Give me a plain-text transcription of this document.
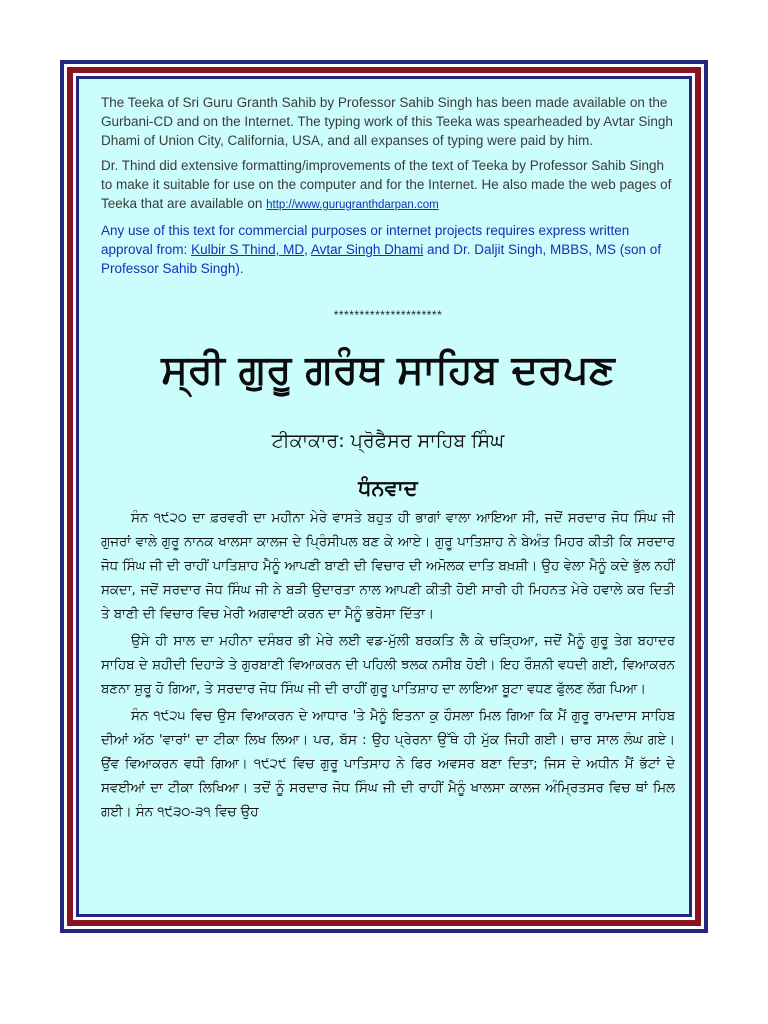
The Teeka of Sri Guru Granth Sahib by Professor Sahib Singh has been made available on the Gurbani-CD and on the Internet. The typing work of this Teeka was spearheaded by Avtar Singh Dhami of Union City, California, USA, and all expanses of typing were paid by him.

Dr. Thind did extensive formatting/improvements of the text of Teeka by Professor Sahib Singh to make it suitable for use on the computer and for the Internet. He also made the web pages of Teeka that are available on http://www.gurugranthdarpan.com

Any use of this text for commercial purposes or internet projects requires express written approval from: Kulbir S Thind, MD, Avtar Singh Dhami and Dr. Daljit Singh, MBBS, MS (son of Professor Sahib Singh).

*********************
ਸ੍ਰੀ ਗੁਰੂ ਗਰੰਥ ਸਾਹਿਬ ਦਰਪਣ
ਟੀਕਾਕਾਰ: ਪ੍ਰੋਫੈਸਰ ਸਾਹਿਬ ਸਿੰਘ
ਧੰਨਵਾਦ

ਸੰਨ ੧੯੨੦ ਦਾ ਫ਼ਰਵਰੀ ਦਾ ਮਹੀਨਾ ਮੇਰੇ ਵਾਸਤੇ ਬਹੁਤ ਹੀ ਭਾਗਾਂ ਵਾਲਾ ਆਇਆ ਸੀ, ਜਦੋਂ ਸਰਦਾਰ ਜੋਧ ਸਿੰਘ ਜੀ ਗੁਜਰਾਂ ਵਾਲੇ ਗੁਰੂ ਨਾਨਕ ਖਾਲਸਾ ਕਾਲਜ ਦੇ ਪ੍ਰਿੰਸੀਪਲ ਬਣ ਕੇ ਆਏ। ਗੁਰੂ ਪਾਤਿਸ਼ਾਹ ਨੇ ਬੇਅੰਤ ਮਿਹਰ ਕੀਤੀ ਕਿ ਸਰਦਾਰ ਜੋਧ ਸਿੰਘ ਜੀ ਦੀ ਰਾਹੀਂ ਪਾਤਿਸ਼ਾਹ ਮੈਨੂੰ ਆਪਣੀ ਬਾਣੀ ਦੀ ਵਿਚਾਰ ਦੀ ਅਮੋਲਕ ਦਾਤਿ ਬਖ਼ਸ਼ੀ। ਉਹ ਵੇਲਾ ਮੈਨੂੰ ਕਦੇ ਭੁੱਲ ਨਹੀਂ ਸਕਦਾ, ਜਦੋਂ ਸਰਦਾਰ ਜੋਧ ਸਿੰਘ ਜੀ ਨੇ ਬੜੀ ਉਦਾਰਤਾ ਨਾਲ ਆਪਣੀ ਕੀਤੀ ਹੋਈ ਸਾਰੀ ਹੀ ਮਿਹਨਤ ਮੇਰੇ ਹਵਾਲੇ ਕਰ ਦਿਤੀ ਤੇ ਬਾਣੀ ਦੀ ਵਿਚਾਰ ਵਿਚ ਮੇਰੀ ਅਗਵਾਈ ਕਰਨ ਦਾ ਮੈਨੂੰ ਭਰੋਸਾ ਦਿੱਤਾ।

ਉਸੇ ਹੀ ਸਾਲ ਦਾ ਮਹੀਨਾ ਦਸੰਬਰ ਭੀ ਮੇਰੇ ਲਈ ਵਡ-ਮੁੱਲੀ ਬਰਕਤਿ ਲੈ ਕੇ ਚੜ੍ਹਿਆ, ਜਦੋਂ ਮੈਨੂੰ ਗੁਰੂ ਤੇਗ ਬਹਾਦਰ ਸਾਹਿਬ ਦੇ ਸ਼ਹੀਦੀ ਦਿਹਾੜੇ ਤੇ ਗੁਰਬਾਣੀ ਵਿਆਕਰਨ ਦੀ ਪਹਿਲੀ ਝਲਕ ਨਸੀਬ ਹੋਈ। ਇਹ ਰੌਸ਼ਨੀ ਵਧਦੀ ਗਈ, ਵਿਆਕਰਨ ਬਣਨਾ ਸ਼ੁਰੂ ਹੋ ਗਿਆ, ਤੇ ਸਰਦਾਰ ਜੋਧ ਸਿੰਘ ਜੀ ਦੀ ਰਾਹੀਂ ਗੁਰੂ ਪਾਤਿਸ਼ਾਹ ਦਾ ਲਾਇਆ ਬੂਟਾ ਵਧਣ ਫੁੱਲਣ ਲੱਗ ਪਿਆ।

ਸੰਨ ੧੯੨੫ ਵਿਚ ਉਸ ਵਿਆਕਰਨ ਦੇ ਆਧਾਰ 'ਤੇ ਮੈਨੂੰ ਇਤਨਾ ਕੁ ਹੌਸਲਾ ਮਿਲ ਗਿਆ ਕਿ ਮੈਂ ਗੁਰੂ ਰਾਮਦਾਸ ਸਾਹਿਬ ਦੀਆਂ ਅੱਠ 'ਵਾਰਾਂ' ਦਾ ਟੀਕਾ ਲਿਖ ਲਿਆ। ਪਰ, ਬੱਸ : ਉਹ ਪ੍ਰੇਰਨਾ ਉੱਥੇ ਹੀ ਮੁੱਕ ਜਿਹੀ ਗਈ। ਚਾਰ ਸਾਲ ਲੰਘ ਗਏ। ਉਂਵ ਵਿਆਕਰਨ ਵਧੀ ਗਿਆ। ੧੯੨੯ ਵਿਚ ਗੁਰੂ ਪਾਤਿਸਾਹ ਨੇ ਫਿਰ ਅਵਸਰ ਬਣਾ ਦਿਤਾ; ਜਿਸ ਦੇ ਅਧੀਨ ਮੈਂ ਭੱਟਾਂ ਦੇ ਸਵਈਆਂ ਦਾ ਟੀਕਾ ਲਿਖਿਆ। ਤਦੋਂ ਨੂੰ ਸਰਦਾਰ ਜੋਧ ਸਿੰਘ ਜੀ ਦੀ ਰਾਹੀਂ ਮੈਨੂੰ ਖਾਲਸਾ ਕਾਲਜ ਅੰਮ੍ਰਿਤਸਰ ਵਿਚ ਥਾਂ ਮਿਲ ਗਈ। ਸੰਨ ੧੯੩੦-੩੧ ਵਿਚ ਉਹ
